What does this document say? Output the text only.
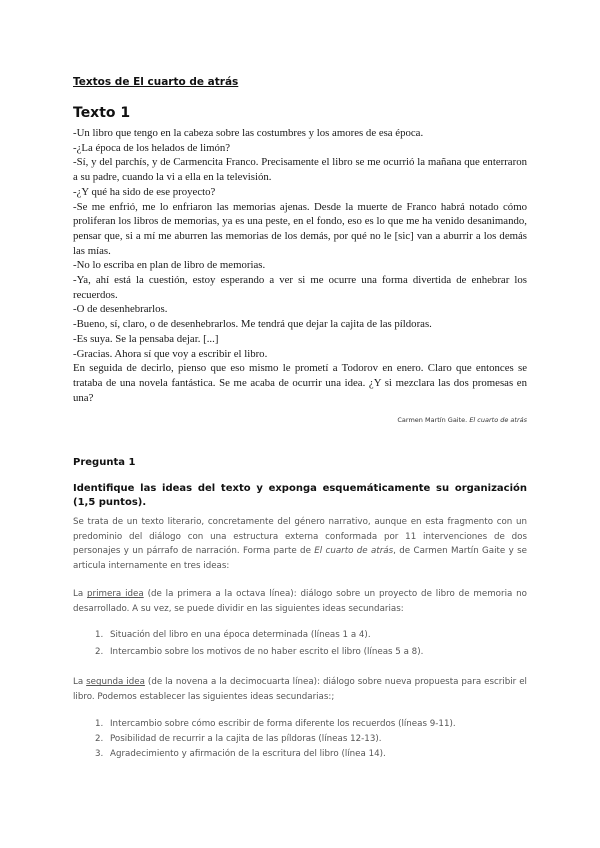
Textos de El cuarto de atrás
Texto 1

-Un libro que tengo en la cabeza sobre las costumbres y los amores de esa época.

-¿La época de los helados de limón?

-Sí, y del parchís, y de Carmencita Franco. Precisamente el libro se me ocurrió la mañana que enterraron a su padre, cuando la vi a ella en la televisión.

-¿Y qué ha sido de ese proyecto?

-Se me enfrió, me lo enfriaron las memorias ajenas. Desde la muerte de Franco habrá notado cómo proliferan los libros de memorias, ya es una peste, en el fondo, eso es lo que me ha venido desanimando, pensar que, si a mí me aburren las memorias de los demás, por qué no le [sic] van a aburrir a los demás las mías.

-No lo escriba en plan de libro de memorias.

-Ya, ahí está la cuestión, estoy esperando a ver si me ocurre una forma divertida de enhebrar los recuerdos.

-O de desenhebrarlos.

-Bueno, sí, claro, o de desenhebrarlos. Me tendrá que dejar la cajita de las píldoras.

-Es suya. Se la pensaba dejar. [...]

-Gracias. Ahora sí que voy a escribir el libro.

En seguida de decirlo, pienso que eso mismo le prometí a Todorov en enero. Claro que entonces se trataba de una novela fantástica. Se me acaba de ocurrir una idea. ¿Y si mezclara las dos promesas en una?

Carmen Martín Gaite. El cuarto de atrás
Pregunta 1
Identifique las ideas del texto y exponga esquemáticamente su organización (1,5 puntos).

Se trata de un texto literario, concretamente del género narrativo, aunque en esta fragmento con un predominio del diálogo con una estructura externa conformada por 11 intervenciones de dos personajes y un párrafo de narración. Forma parte de El cuarto de atrás, de Carmen Martín Gaite y se articula internamente en tres ideas:

La primera idea (de la primera a la octava línea): diálogo sobre un proyecto de libro de memoria no desarrollado. A su vez, se puede dividir en las siguientes ideas secundarias:

1. Situación del libro en una época determinada (líneas 1 a 4).
2. Intercambio sobre los motivos de no haber escrito el libro (líneas 5 a 8).

La segunda idea (de la novena a la decimocuarta línea): diálogo sobre nueva propuesta para escribir el libro. Podemos establecer las siguientes ideas secundarias:;

1. Intercambio sobre cómo escribir de forma diferente los recuerdos (líneas 9-11).
2. Posibilidad de recurrir a la cajita de las píldoras (líneas 12-13).
3. Agradecimiento y afirmación de la escritura del libro (línea 14).
